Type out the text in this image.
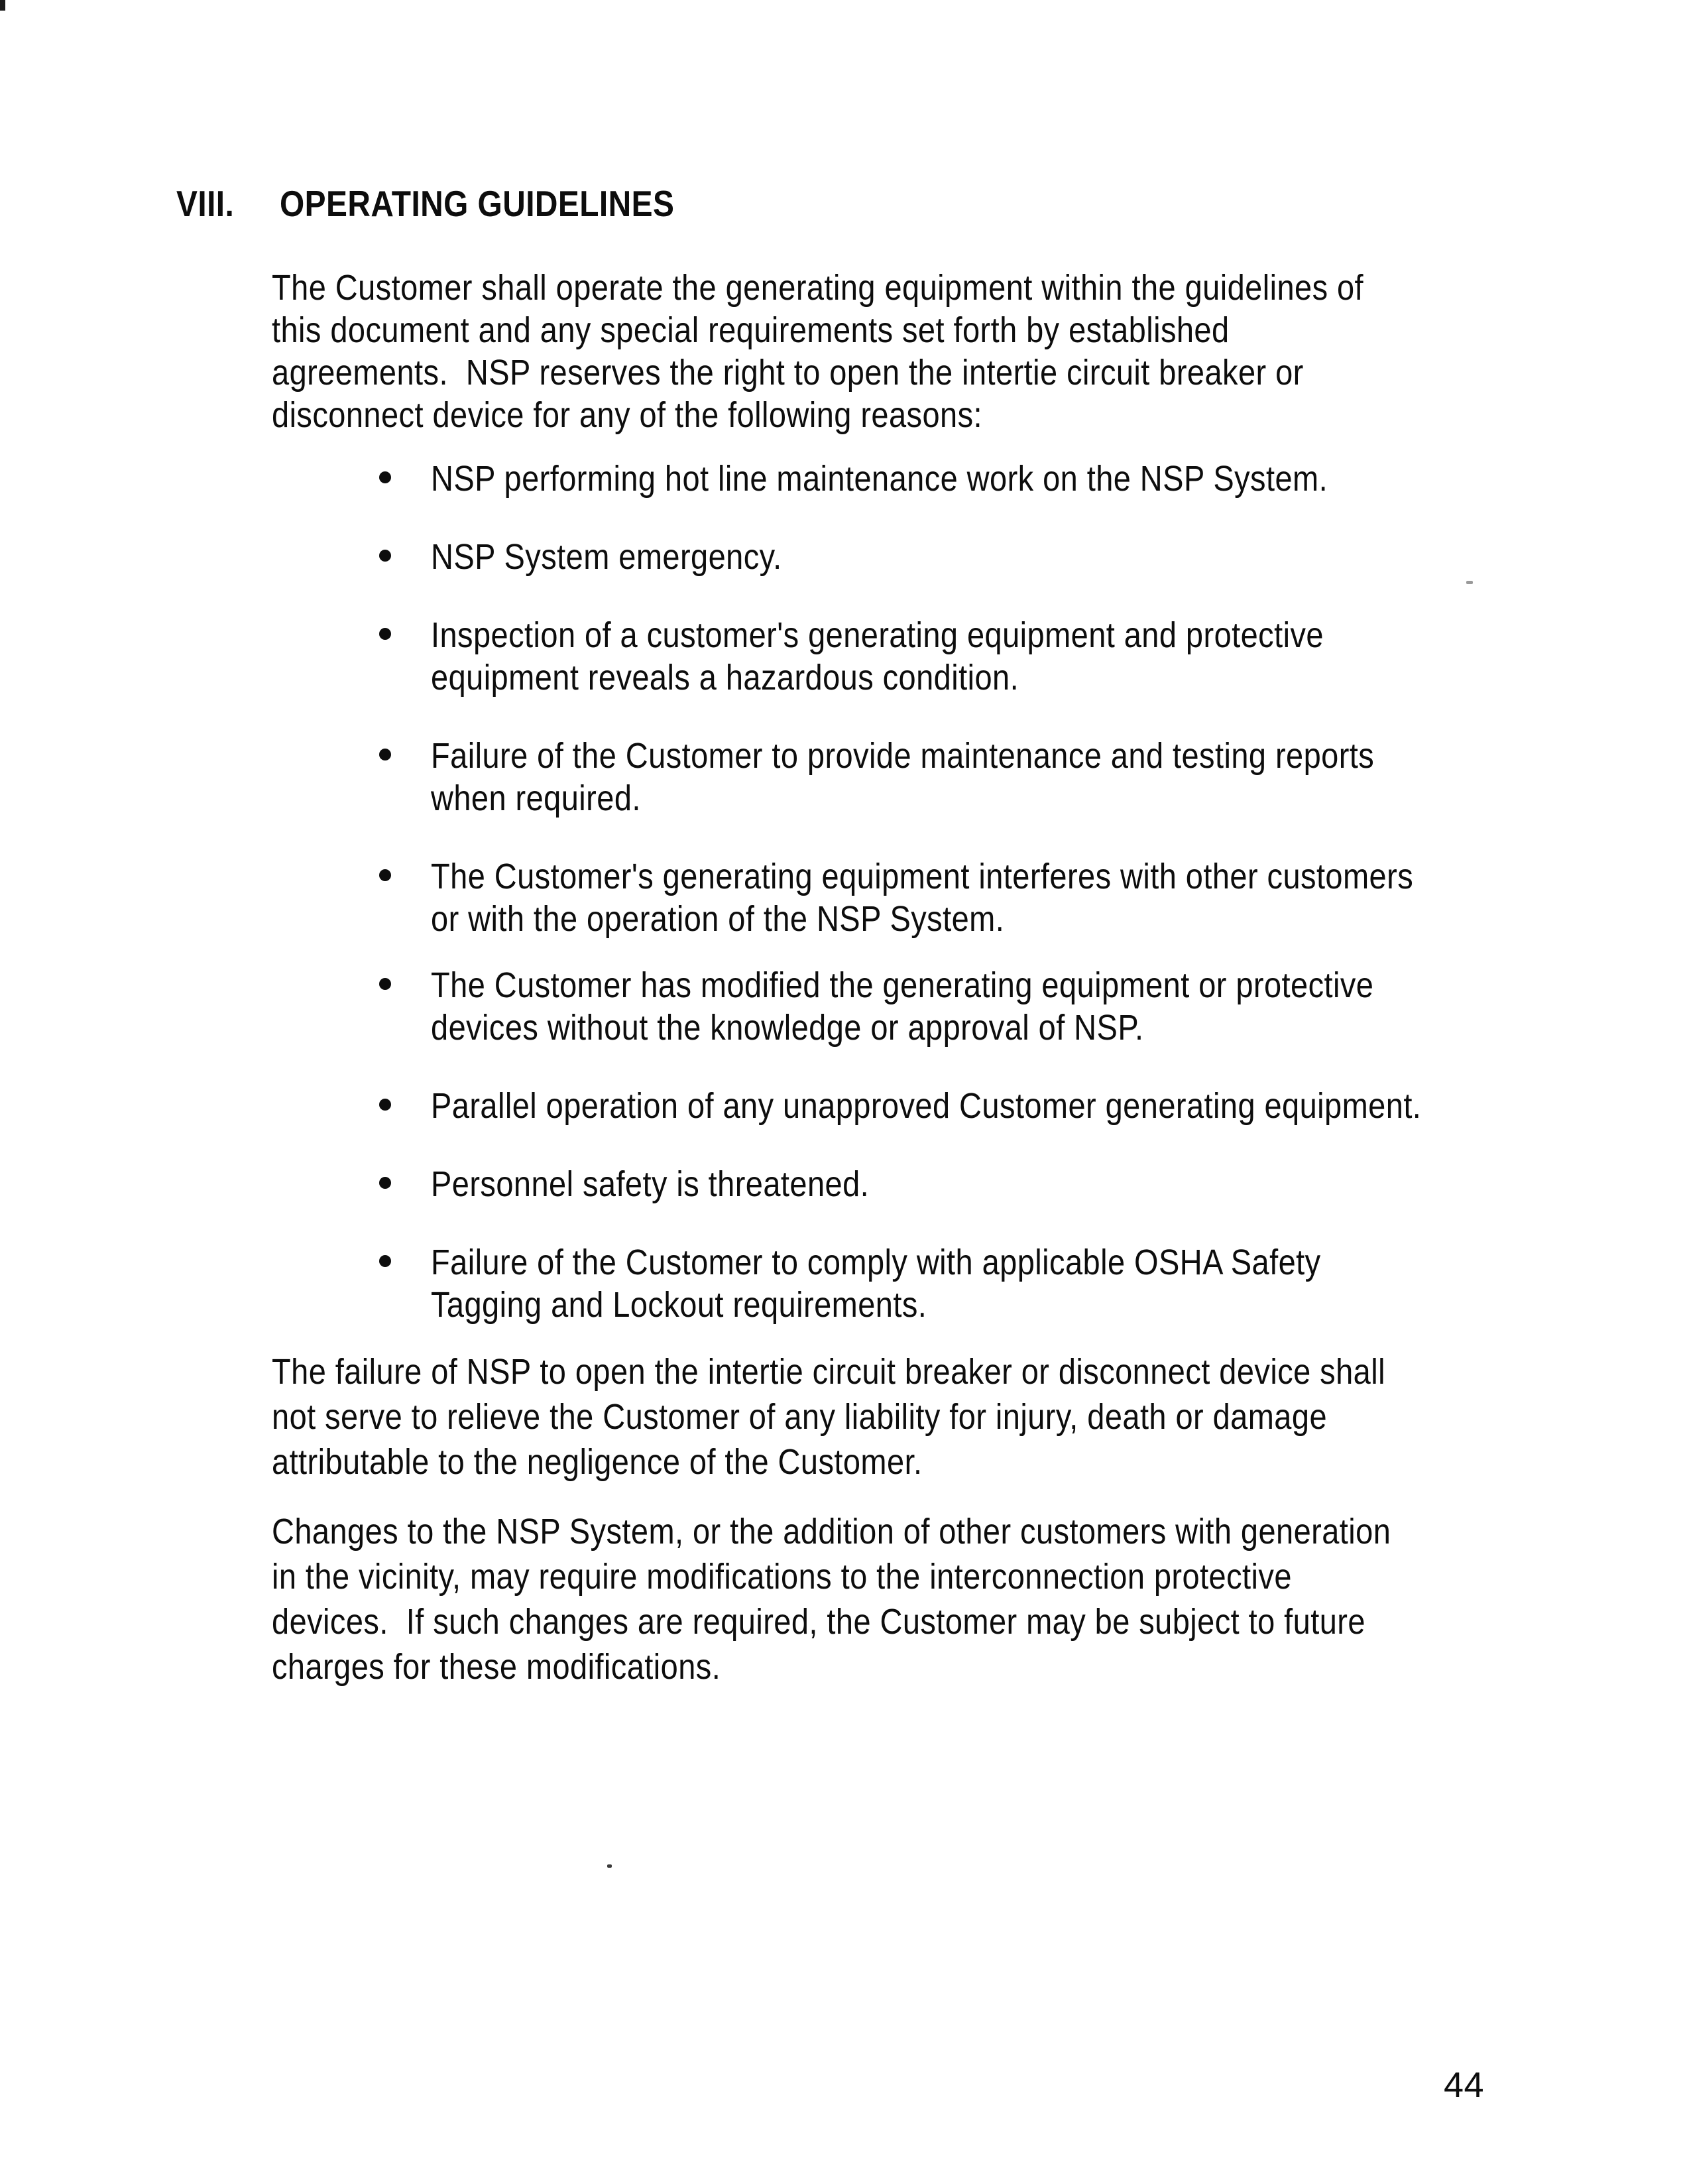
VIII. OPERATING GUIDELINES
The Customer shall operate the generating equipment within the guidelines of
this document and any special requirements set forth by established
agreements.  NSP reserves the right to open the intertie circuit breaker or
disconnect device for any of the following reasons:
NSP performing hot line maintenance work on the NSP System.
NSP System emergency.
Inspection of a customer's generating equipment and protective
equipment reveals a hazardous condition.
Failure of the Customer to provide maintenance and testing reports
when required.
The Customer's generating equipment interferes with other customers
or with the operation of the NSP System.
The Customer has modified the generating equipment or protective
devices without the knowledge or approval of NSP.
Parallel operation of any unapproved Customer generating equipment.
Personnel safety is threatened.
Failure of the Customer to comply with applicable OSHA Safety
Tagging and Lockout requirements.
The failure of NSP to open the intertie circuit breaker or disconnect device shall
not serve to relieve the Customer of any liability for injury, death or damage
attributable to the negligence of the Customer.
Changes to the NSP System, or the addition of other customers with generation
in the vicinity, may require modifications to the interconnection protective
devices.  If such changes are required, the Customer may be subject to future
charges for these modifications.
44
